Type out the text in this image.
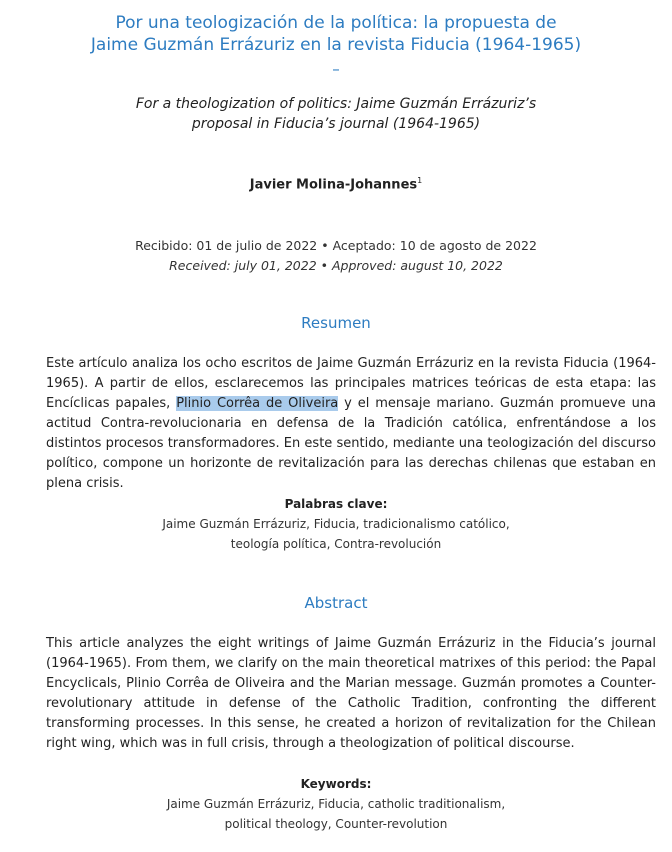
Por una teologización de la política: la propuesta de
Jaime Guzmán Errázuriz en la revista Fiducia (1964-1965)
–
For a theologization of politics: Jaime Guzmán Errázuriz’s
proposal in Fiducia’s journal (1964-1965)
Javier Molina-Johannes$^1$
Recibido: 01 de julio de 2022 • Aceptado: 10 de agosto de 2022
Received: july 01, 2022 • Approved: august 10, 2022
Resumen
Este artículo analiza los ocho escritos de Jaime Guzmán Errázuriz en la revista Fiducia (1964-1965). A partir de ellos, esclarecemos las principales matrices teóricas de esta etapa: las Encíclicas papales, Plinio Corrêa de Oliveira y el mensaje mariano. Guzmán promueve una actitud Contra-revolucionaria en defensa de la Tradición católica, enfrentándose a los distintos procesos transformadores. En este sentido, mediante una teologización del discurso político, compone un horizonte de revitalización para las derechas chilenas que estaban en plena crisis.
Palabras clave:
Jaime Guzmán Errázuriz, Fiducia, tradicionalismo católico,
teología política, Contra-revolución
Abstract
This article analyzes the eight writings of Jaime Guzmán Errázuriz in the Fiducia’s journal (1964-1965). From them, we clarify on the main theoretical matrixes of this period: the Papal Encyclicals, Plinio Corrêa de Oliveira and the Marian message. Guzmán promotes a Counter-revolutionary attitude in defense of the Catholic Tradition, confronting the different transforming processes. In this sense, he created a horizon of revitalization for the Chilean right wing, which was in full crisis, through a theologization of political discourse.
Keywords:
Jaime Guzmán Errázuriz, Fiducia, catholic traditionalism,
political theology, Counter-revolution
